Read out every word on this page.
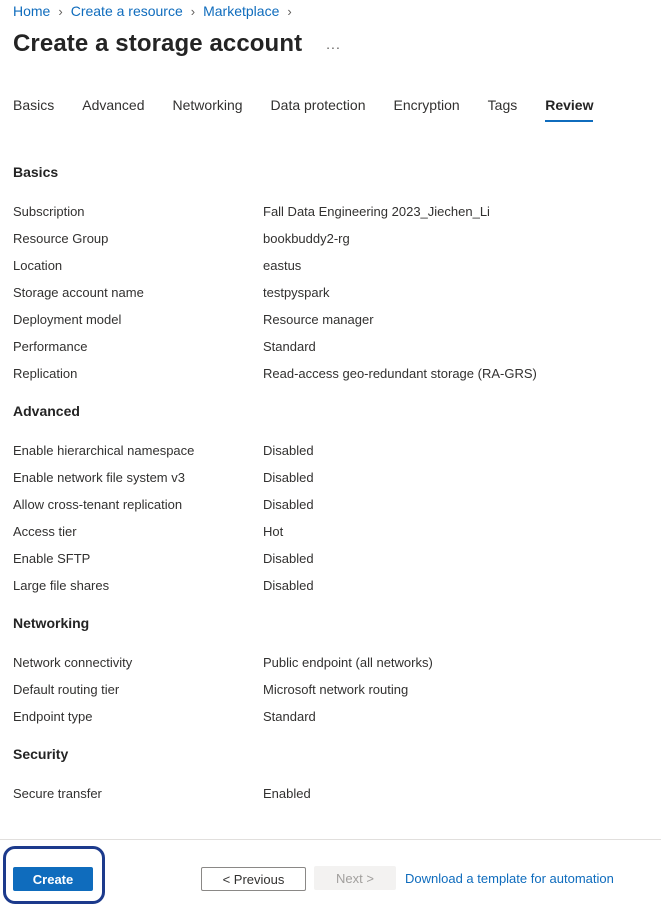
Home › Create a resource › Marketplace ›
Create a storage account ...
Basics Advanced Networking Data protection Encryption Tags Review
Basics
Subscription	Fall Data Engineering 2023_Jiechen_Li
Resource Group	bookbuddy2-rg
Location	eastus
Storage account name	testpyspark
Deployment model	Resource manager
Performance	Standard
Replication	Read-access geo-redundant storage (RA-GRS)
Advanced
Enable hierarchical namespace	Disabled
Enable network file system v3	Disabled
Allow cross-tenant replication	Disabled
Access tier	Hot
Enable SFTP	Disabled
Large file shares	Disabled
Networking
Network connectivity	Public endpoint (all networks)
Default routing tier	Microsoft network routing
Endpoint type	Standard
Security
Secure transfer	Enabled
Create	< Previous	Next >	Download a template for automation
